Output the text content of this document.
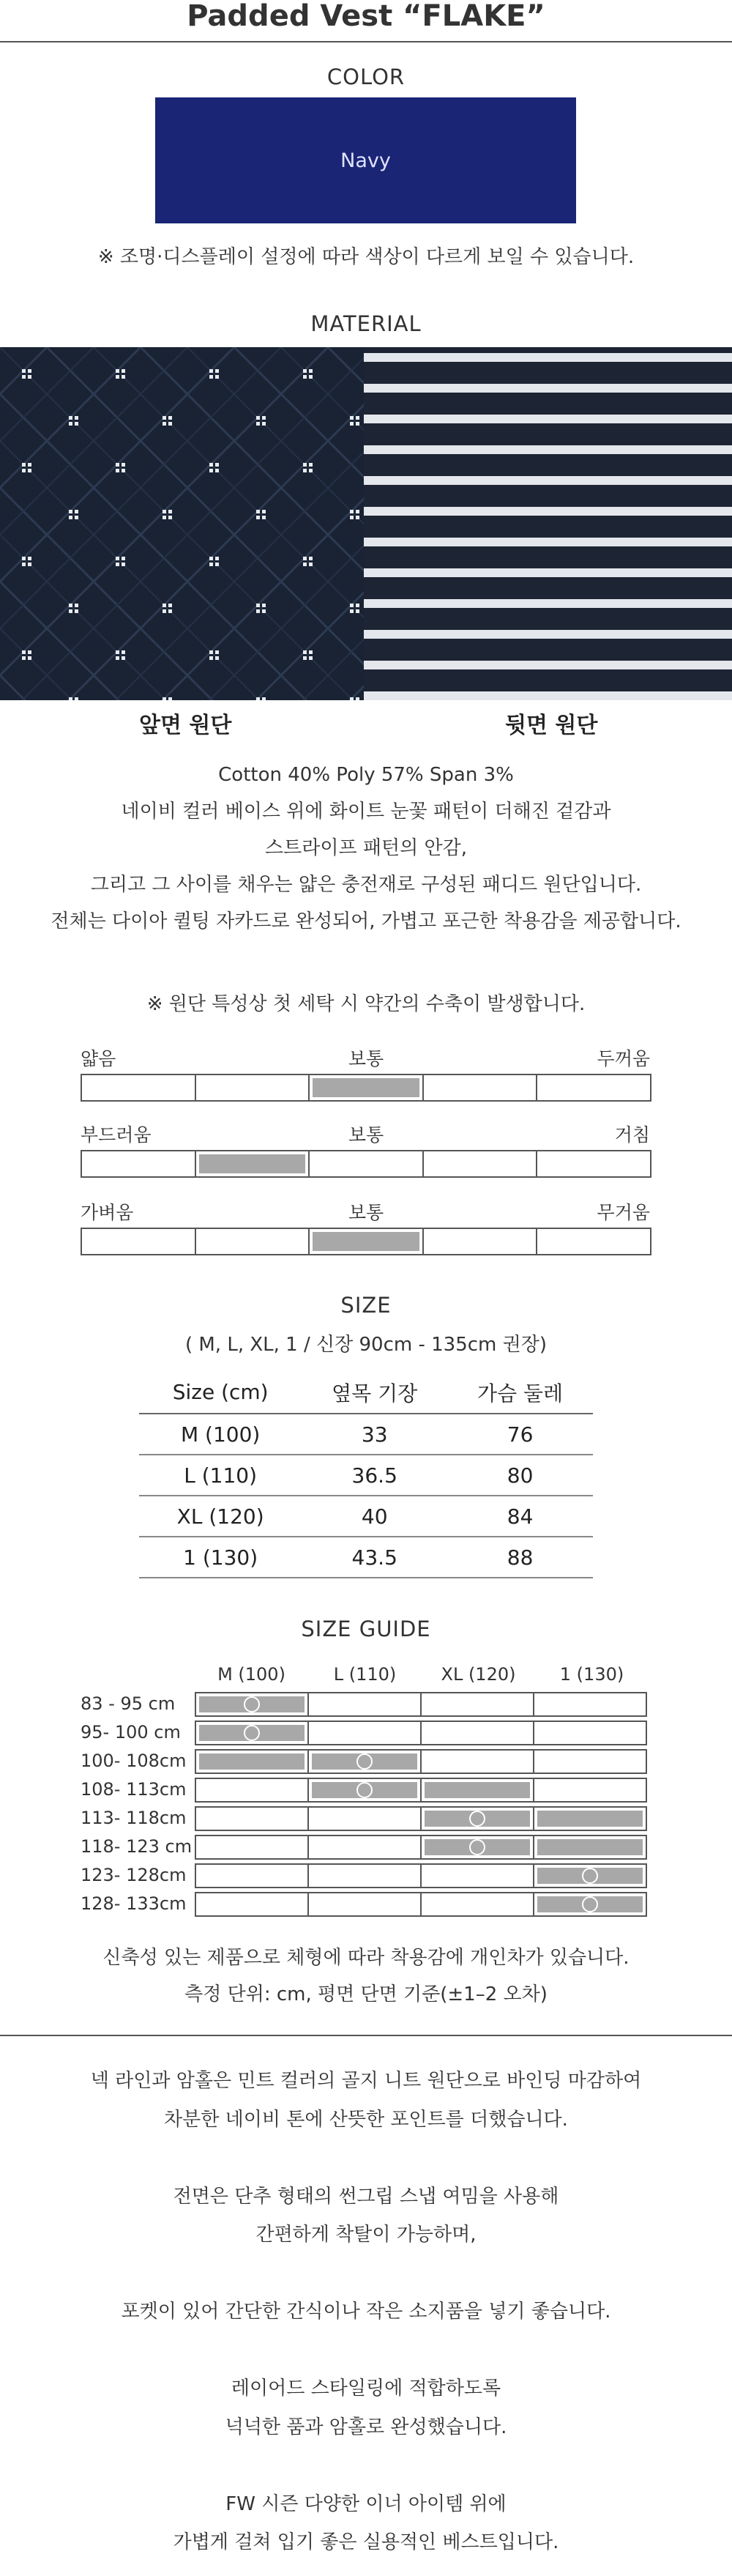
Padded Vest “FLAKE”
COLOR
Navy
※ 조명·디스플레이 설정에 따라 색상이 다르게 보일 수 있습니다.
MATERIAL
앞면 원단	뒷면 원단
Cotton 40% Poly 57% Span 3%
네이비 컬러 베이스 위에 화이트 눈꽃 패턴이 더해진 겉감과
스트라이프 패턴의 안감,
그리고 그 사이를 채우는 얇은 충전재로 구성된 패디드 원단입니다.
전체는 다이아 퀼팅 자카드로 완성되어, 가볍고 포근한 착용감을 제공합니다.
※ 원단 특성상 첫 세탁 시 약간의 수축이 발생합니다.
얇음	보통	두꺼움
부드러움	보통	거침
가벼움	보통	무거움
SIZE
( M, L, XL, 1 / 신장 90cm - 135cm 권장)
Size (cm)	옆목 기장	가슴 둘레
M (100)	33	76
L (110)	36.5	80
XL (120)	40	84
1 (130)	43.5	88
SIZE GUIDE
M (100)	L (110)	XL (120)	1 (130)
83 - 95 cm
95- 100 cm
100- 108cm
108- 113cm
113- 118cm
118- 123 cm
123- 128cm
128- 133cm
신축성 있는 제품으로 체형에 따라 착용감에 개인차가 있습니다.
측정 단위: cm, 평면 단면 기준(±1–2 오차)
넥 라인과 암홀은 민트 컬러의 골지 니트 원단으로 바인딩 마감하여
차분한 네이비 톤에 산뜻한 포인트를 더했습니다.
전면은 단추 형태의 썬그립 스냅 여밈을 사용해
간편하게 착탈이 가능하며,
포켓이 있어 간단한 간식이나 작은 소지품을 넣기 좋습니다.
레이어드 스타일링에 적합하도록
넉넉한 품과 암홀로 완성했습니다.
FW 시즌 다양한 이너 아이템 위에
가볍게 걸쳐 입기 좋은 실용적인 베스트입니다.
